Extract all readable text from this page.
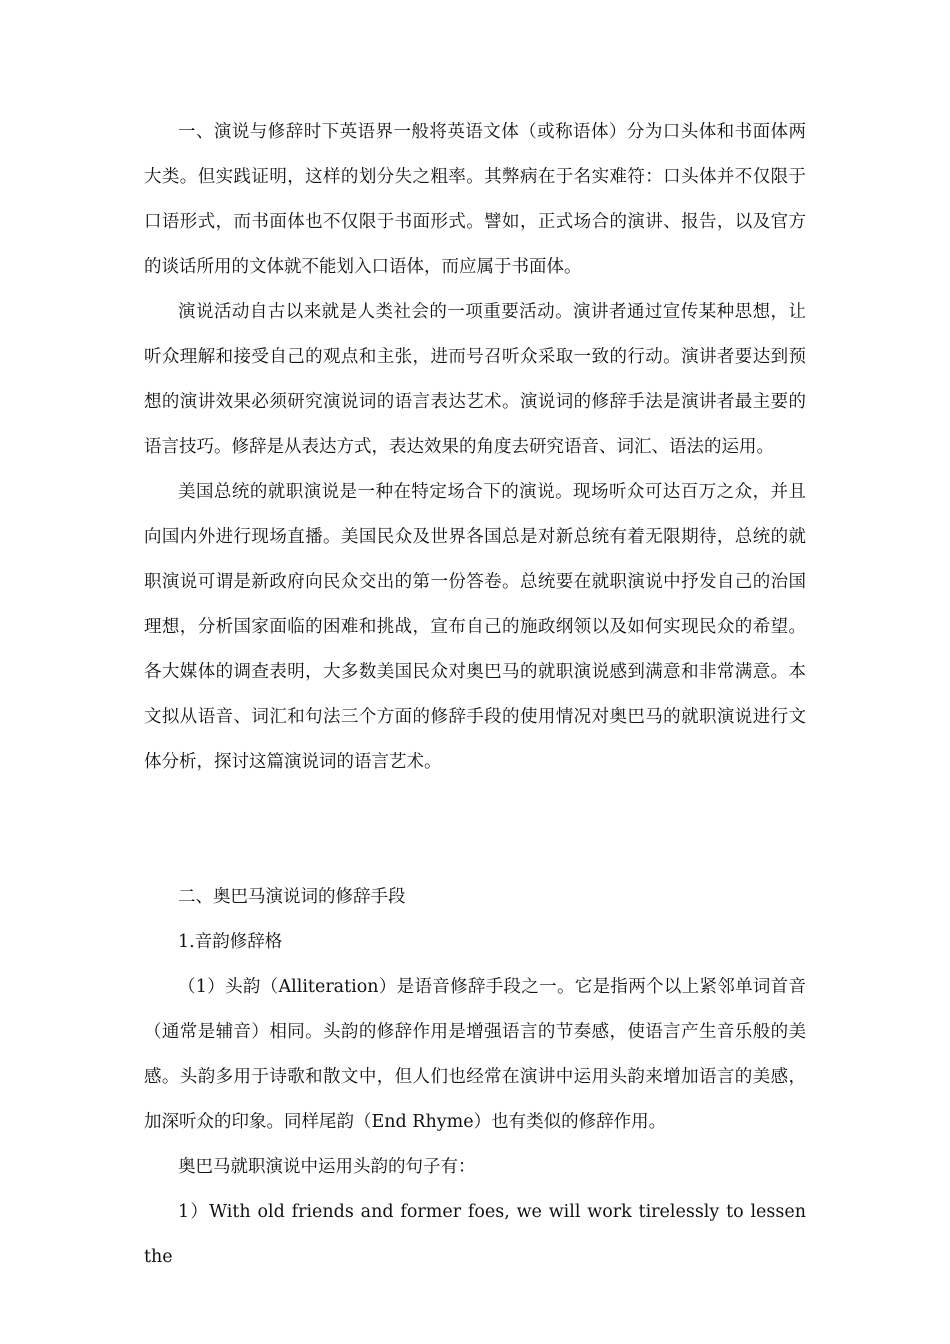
一、演说与修辞时下英语界一般将英语文体（或称语体）分为口头体和书面体两大类。但实践证明，这样的划分失之粗率。其弊病在于名实难符：口头体并不仅限于口语形式，而书面体也不仅限于书面形式。譬如，正式场合的演讲、报告，以及官方的谈话所用的文体就不能划入口语体，而应属于书面体。

演说活动自古以来就是人类社会的一项重要活动。演讲者通过宣传某种思想，让听众理解和接受自己的观点和主张，进而号召听众采取一致的行动。演讲者要达到预想的演讲效果必须研究演说词的语言表达艺术。演说词的修辞手法是演讲者最主要的语言技巧。修辞是从表达方式，表达效果的角度去研究语音、词汇、语法的运用。

美国总统的就职演说是一种在特定场合下的演说。现场听众可达百万之众，并且向国内外进行现场直播。美国民众及世界各国总是对新总统有着无限期待，总统的就职演说可谓是新政府向民众交出的第一份答卷。总统要在就职演说中抒发自己的治国理想，分析国家面临的困难和挑战，宣布自己的施政纲领以及如何实现民众的希望。各大媒体的调查表明，大多数美国民众对奥巴马的就职演说感到满意和非常满意。本文拟从语音、词汇和句法三个方面的修辞手段的使用情况对奥巴马的就职演说进行文体分析，探讨这篇演说词的语言艺术。

二、奥巴马演说词的修辞手段

1.音韵修辞格

（1）头韵（Alliteration）是语音修辞手段之一。它是指两个以上紧邻单词首音（通常是辅音）相同。头韵的修辞作用是增强语言的节奏感，使语言产生音乐般的美感。头韵多用于诗歌和散文中，但人们也经常在演讲中运用头韵来增加语言的美感，加深听众的印象。同样尾韵（End Rhyme）也有类似的修辞作用。

奥巴马就职演说中运用头韵的句子有：

1）With old friends and former foes, we will work tirelessly to lessen the
